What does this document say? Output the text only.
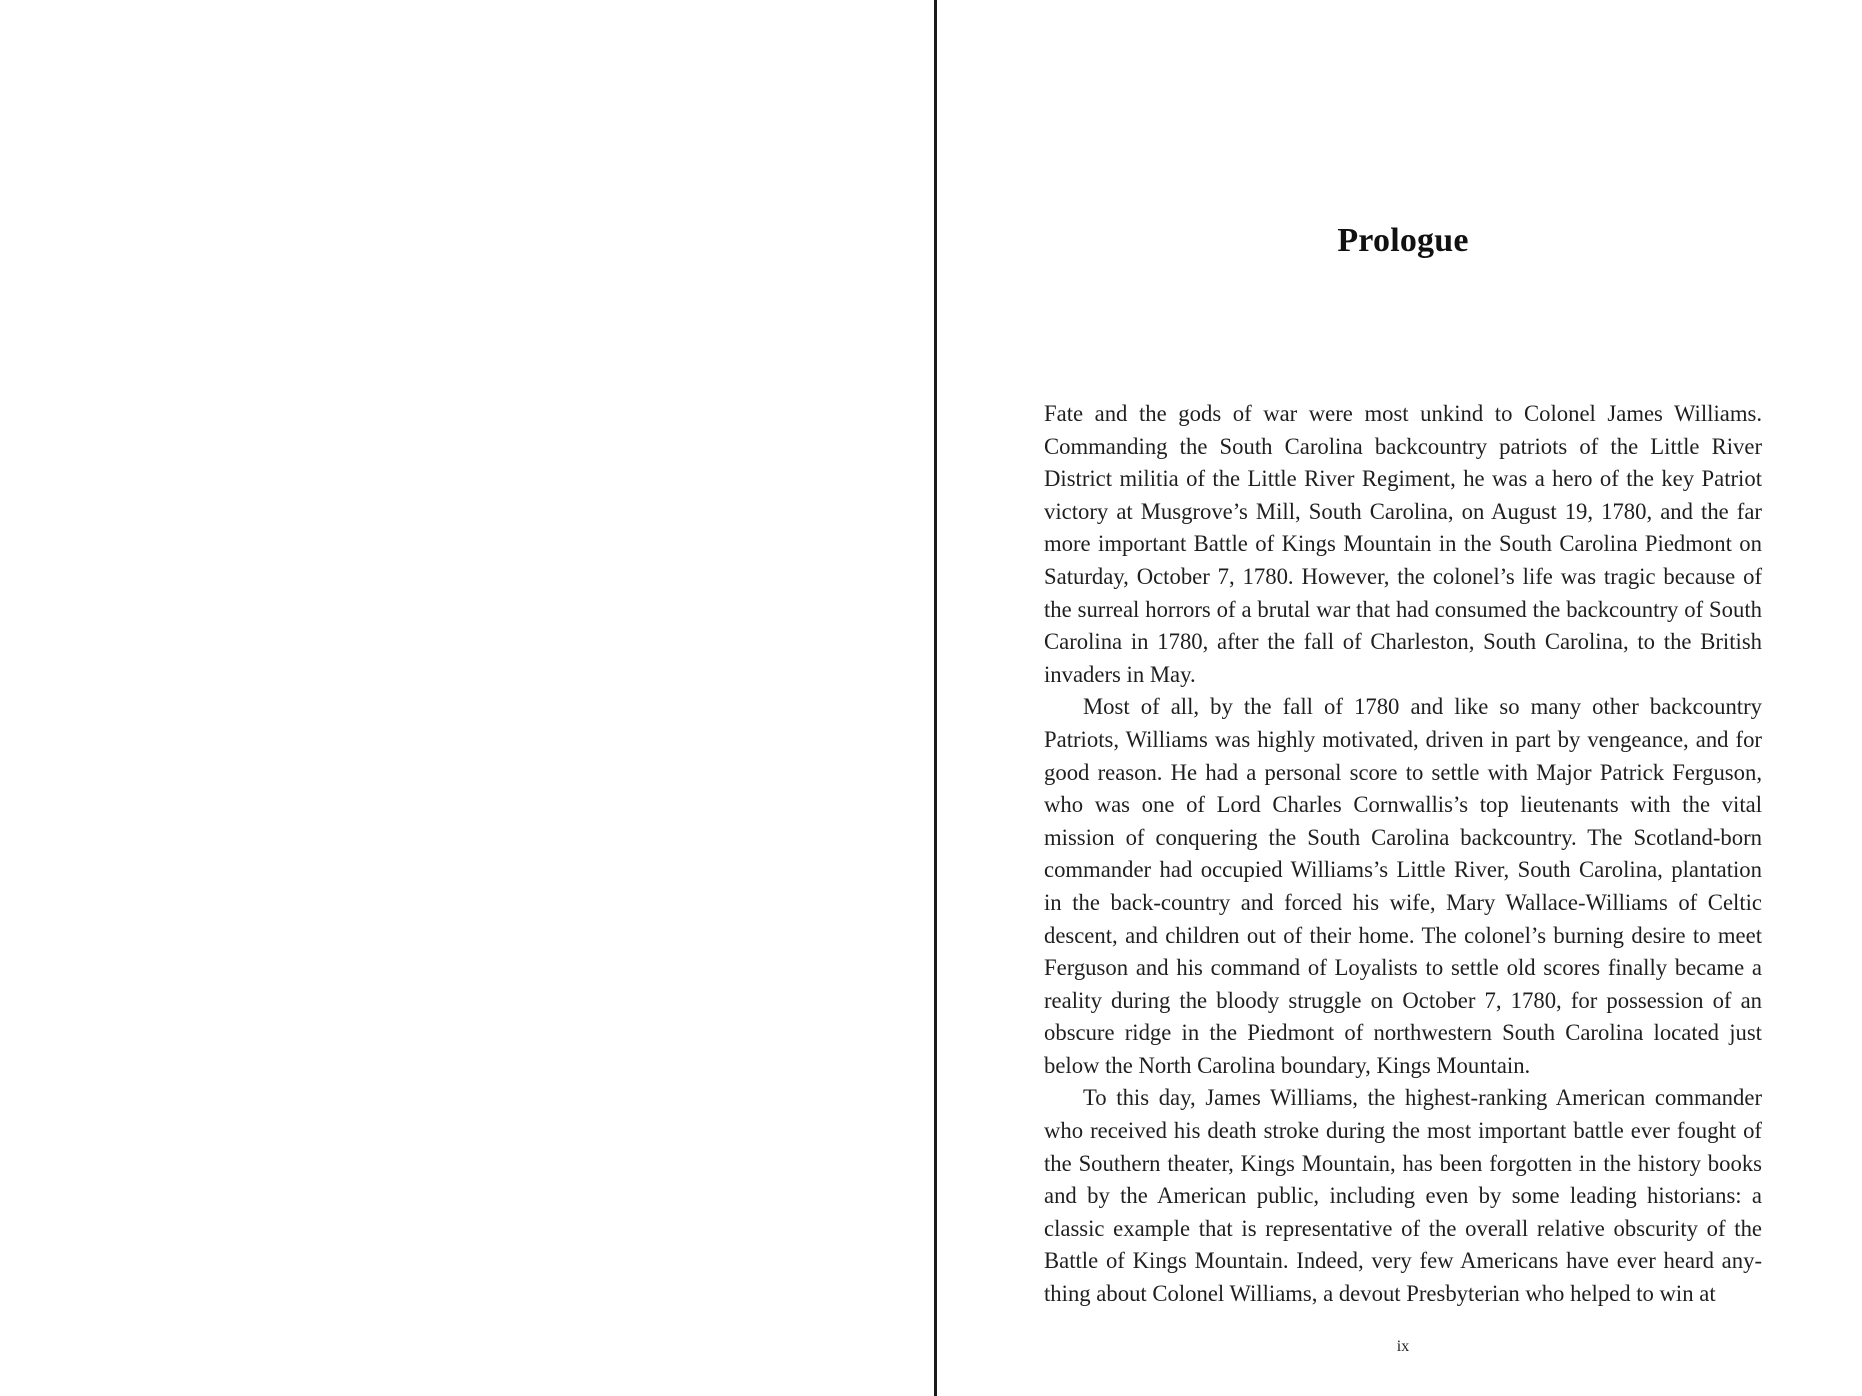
Prologue

Fate and the gods of war were most unkind to Colonel James Williams. Commanding the South Carolina backcountry patriots of the Little River District militia of the Little River Regiment, he was a hero of the key Patriot victory at Musgrove’s Mill, South Carolina, on August 19, 1780, and the far more important Battle of Kings Mountain in the South Carolina Piedmont on Saturday, October 7, 1780. However, the colonel’s life was tragic because of the surreal horrors of a brutal war that had consumed the backcountry of South Carolina in 1780, after the fall of Charleston, South Carolina, to the British invaders in May.

Most of all, by the fall of 1780 and like so many other backcountry Patriots, Williams was highly motivated, driven in part by vengeance, and for good reason. He had a personal score to settle with Major Patrick Ferguson, who was one of Lord Charles Cornwallis’s top lieutenants with the vital mission of conquering the South Carolina backcountry. The Scotland-born commander had occupied Williams’s Little River, South Carolina, plantation in the back-country and forced his wife, Mary Wallace-Williams of Celtic descent, and children out of their home. The colonel’s burning desire to meet Ferguson and his command of Loyalists to settle old scores finally became a reality during the bloody struggle on October 7, 1780, for possession of an obscure ridge in the Piedmont of northwestern South Carolina located just below the North Carolina boundary, Kings Mountain.

To this day, James Williams, the highest-ranking American commander who received his death stroke during the most important battle ever fought of the Southern theater, Kings Mountain, has been forgotten in the history books and by the American public, including even by some leading historians: a classic example that is representative of the overall relative obscurity of the Battle of Kings Mountain. Indeed, very few Americans have ever heard any-thing about Colonel Williams, a devout Presbyterian who helped to win at

ix
